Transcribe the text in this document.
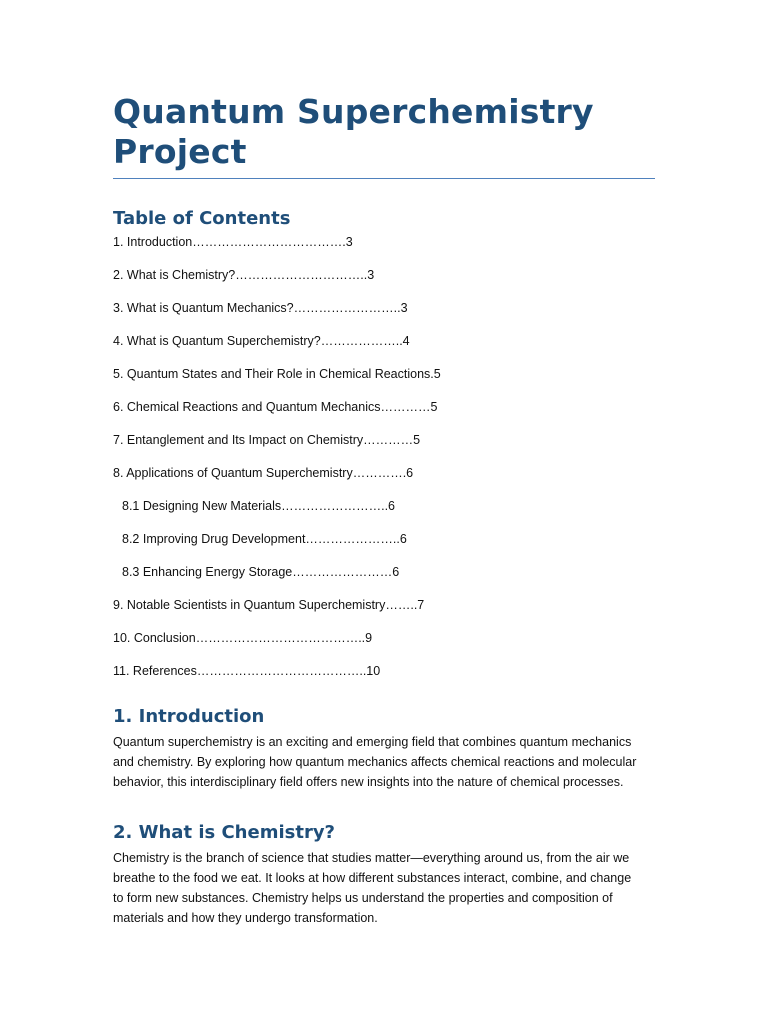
Quantum Superchemistry
Project
Table of Contents
1. Introduction……………………………….3
2. What is Chemistry?…………………………..3
3. What is Quantum Mechanics?……………………..3
4. What is Quantum Superchemistry?………………..4
5. Quantum States and Their Role in Chemical Reactions.5
6. Chemical Reactions and Quantum Mechanics…………5
7. Entanglement and Its Impact on Chemistry…………5
8. Applications of Quantum Superchemistry………….6
8.1 Designing New Materials……………………..6
8.2 Improving Drug Development…………………..6
8.3 Enhancing Energy Storage……………………6
9. Notable Scientists in Quantum Superchemistry……..7
10. Conclusion…………………………………..9
11. References…………………………………..10
1. Introduction
Quantum superchemistry is an exciting and emerging field that combines quantum mechanics
and chemistry. By exploring how quantum mechanics affects chemical reactions and molecular
behavior, this interdisciplinary field offers new insights into the nature of chemical processes.
2. What is Chemistry?
Chemistry is the branch of science that studies matter—everything around us, from the air we
breathe to the food we eat. It looks at how different substances interact, combine, and change
to form new substances. Chemistry helps us understand the properties and composition of
materials and how they undergo transformation.
